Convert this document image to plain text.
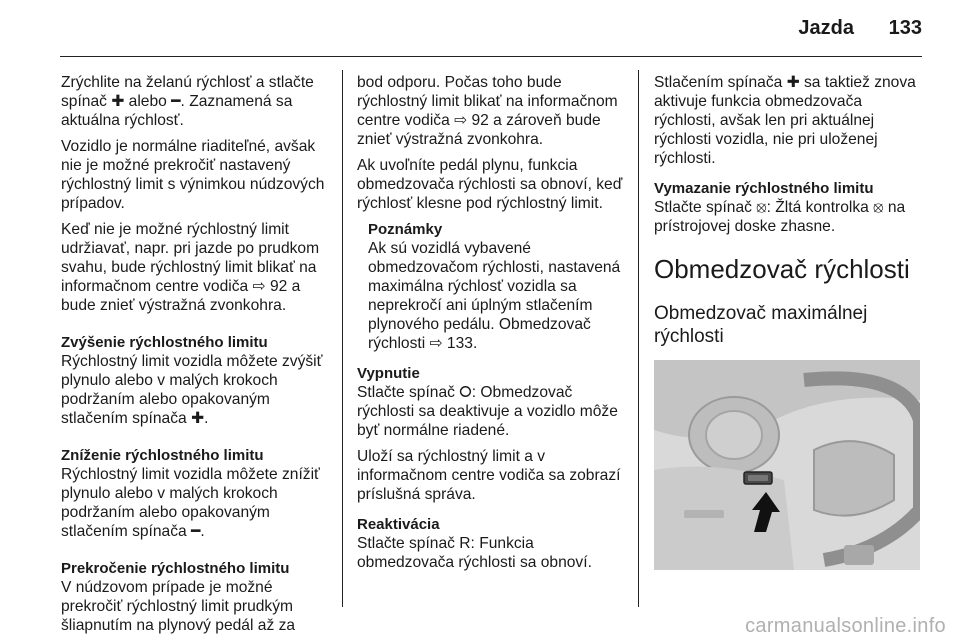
Jazda 133

Zrýchlite na želanú rýchlosť a stlačte spínač ✚ alebo ━. Zaznamená sa aktuálna rýchlosť.

Vozidlo je normálne riaditeľné, avšak nie je možné prekročiť nastavený rýchlostný limit s výnimkou núdzových prípadov.

Keď nie je možné rýchlostný limit udržiavať, napr. pri jazde po prudkom svahu, bude rýchlostný limit blikať na informačnom centre vodiča ⇨ 92 a bude znieť výstražná zvonkohra.

Zvýšenie rýchlostného limitu

Rýchlostný limit vozidla môžete zvýšiť plynulo alebo v malých krokoch podržaním alebo opakovaným stlačením spínača ✚.

Zníženie rýchlostného limitu

Rýchlostný limit vozidla môžete znížiť plynulo alebo v malých krokoch podržaním alebo opakovaným stlačením spínača ━.

Prekročenie rýchlostného limitu

V núdzovom prípade je možné prekročiť rýchlostný limit prudkým šliapnutím na plynový pedál až za

bod odporu. Počas toho bude rýchlostný limit blikať na informačnom centre vodiča ⇨ 92 a zároveň bude znieť výstražná zvonkohra.

Ak uvoľníte pedál plynu, funkcia obmedzovača rýchlosti sa obnoví, keď rýchlosť klesne pod rýchlostný limit.

Poznámky

Ak sú vozidlá vybavené obmedzovačom rýchlosti, nastavená maximálna rýchlosť vozidla sa neprekročí ani úplným stlačením plynového pedálu. Obmedzovač rýchlosti ⇨ 133.

Vypnutie

Stlačte spínač ⭘: Obmedzovač rýchlosti sa deaktivuje a vozidlo môže byť normálne riadené.

Uloží sa rýchlostný limit a v informačnom centre vodiča sa zobrazí príslušná správa.

Reaktivácia

Stlačte spínač R: Funkcia obmedzovača rýchlosti sa obnoví.

Stlačením spínača ✚ sa taktiež znova aktivuje funkcia obmedzovača rýchlosti, avšak len pri aktuálnej rýchlosti vozidla, nie pri uloženej rýchlosti.

Vymazanie rýchlostného limitu

Stlačte spínač ⦻: Žltá kontrolka ⦻ na prístrojovej doske zhasne.

Obmedzovač rýchlosti
Obmedzovač maximálnej rýchlosti
carmanualsonline.info
